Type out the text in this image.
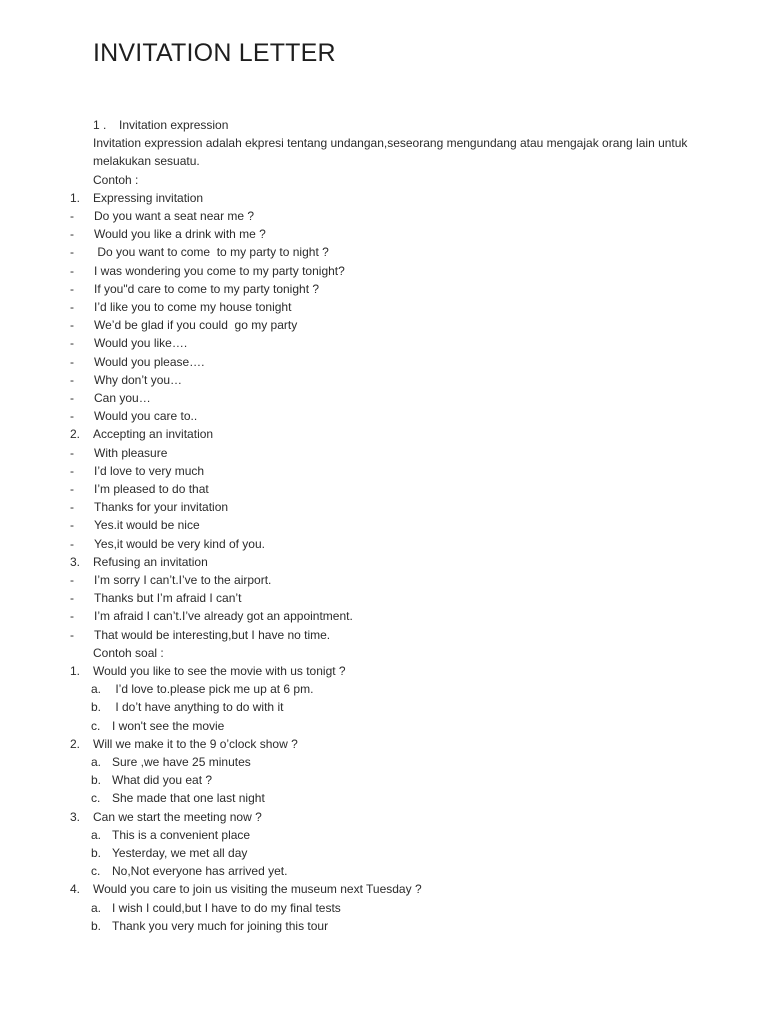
INVITATION LETTER
1 . Invitation expression
Invitation expression adalah ekpresi tentang undangan,seseorang mengundang atau mengajak orang lain untuk
melakukan sesuatu.
Contoh :
1. Expressing invitation
- Do you want a seat near me ?
- Would you like a drink with me ?
- Do you want to come  to my party to night ?
- I was wondering you come to my party tonight?
- If you"d care to come to my party tonight ?
- I’d like you to come my house tonight
- We’d be glad if you could  go my party
- Would you like….
- Would you please….
- Why don’t you…
- Can you…
- Would you care to..
2. Accepting an invitation
- With pleasure
- I’d love to very much
- I’m pleased to do that
- Thanks for your invitation
- Yes.it would be nice
- Yes,it would be very kind of you.
3. Refusing an invitation
- I’m sorry I can’t.I’ve to the airport.
- Thanks but I’m afraid I can’t
- I’m afraid I can’t.I’ve already got an appointment.
- That would be interesting,but I have no time.
Contoh soal :
1. Would you like to see the movie with us tonigt ?
a. I’d love to.please pick me up at 6 pm.
b. I do’t have anything to do with it
c. I won't see the movie
2. Will we make it to the 9 o’clock show ?
a. Sure ,we have 25 minutes
b. What did you eat ?
c. She made that one last night
3. Can we start the meeting now ?
a. This is a convenient place
b. Yesterday, we met all day
c. No,Not everyone has arrived yet.
4. Would you care to join us visiting the museum next Tuesday ?
a. I wish I could,but I have to do my final tests
b. Thank you very much for joining this tour
